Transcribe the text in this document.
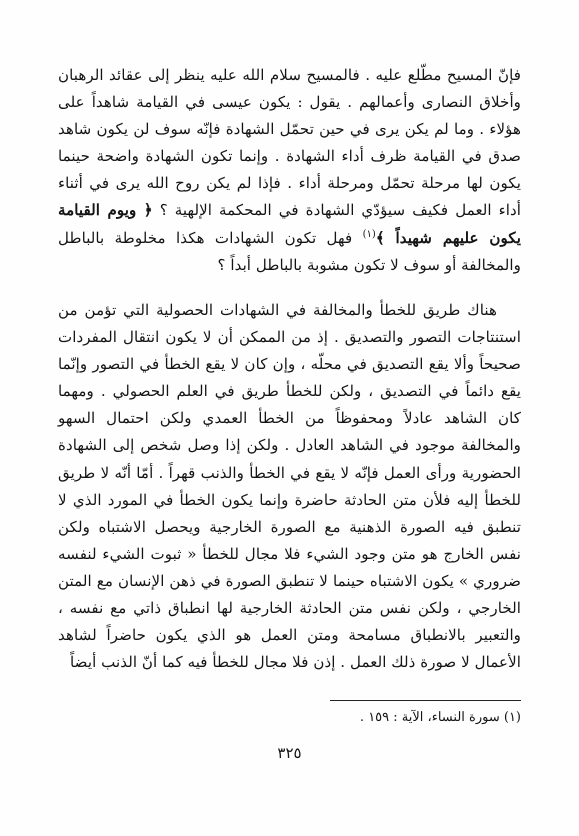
فإنّ المسيح مطّلع عليه . فالمسيح سلام الله عليه ينظر إلى عقائد الرهبان وأخلاق النصارى وأعمالهم . يقول : يكون عيسى في القيامة شاهداً على هؤلاء . وما لم يكن يرى في حين تحمّل الشهادة فإنّه سوف لن يكون شاهد صدق في القيامة ظرف أداء الشهادة . وإنما تكون الشهادة واضحة حينما يكون لها مرحلة تحمّل ومرحلة أداء . فإذا لم يكن روح الله يرى في أثناء أداء العمل فكيف سيؤدّي الشهادة في المحكمة الإلهية ؟ ﴿ ويوم القيامة يكون عليهم شهيداً ﴾$^{(١)}$ فهل تكون الشهادات هكذا مخلوطة بالباطل والمخالفة أو سوف لا تكون مشوبة بالباطل أبداً ؟

هناك طريق للخطأ والمخالفة في الشهادات الحصولية التي تؤمن من استنتاجات التصور والتصديق . إذ من الممكن أن لا يكون انتقال المفردات صحيحاً وألا يقع التصديق في محلّه ، وإن كان لا يقع الخطأ في التصور وإنّما يقع دائماً في التصديق ، ولكن للخطأ طريق في العلم الحصولي . ومهما كان الشاهد عادلاً ومحفوظاً من الخطأ العمدي ولكن احتمال السهو والمخالفة موجود في الشاهد العادل . ولكن إذا وصل شخص إلى الشهادة الحضورية ورأى العمل فإنّه لا يقع في الخطأ والذنب قهراً . أمّا أنّه لا طريق للخطأ إليه فلأن متن الحادثة حاضرة وإنما يكون الخطأ في المورد الذي لا تنطبق فيه الصورة الذهنية مع الصورة الخارجية ويحصل الاشتباه ولكن نفس الخارج هو متن وجود الشيء فلا مجال للخطأ « ثبوت الشيء لنفسه ضروري » يكون الاشتباه حينما لا تنطبق الصورة في ذهن الإنسان مع المتن الخارجي ، ولكن نفس متن الحادثة الخارجية لها انطباق ذاتي مع نفسه ، والتعبير بالانطباق مسامحة ومتن العمل هو الذي يكون حاضراً لشاهد الأعمال لا صورة ذلك العمل . إذن فلا مجال للخطأ فيه كما أنّ الذنب أيضاً

(١) سورة النساء، الآية : ١٥٩ .
٣٢٥
